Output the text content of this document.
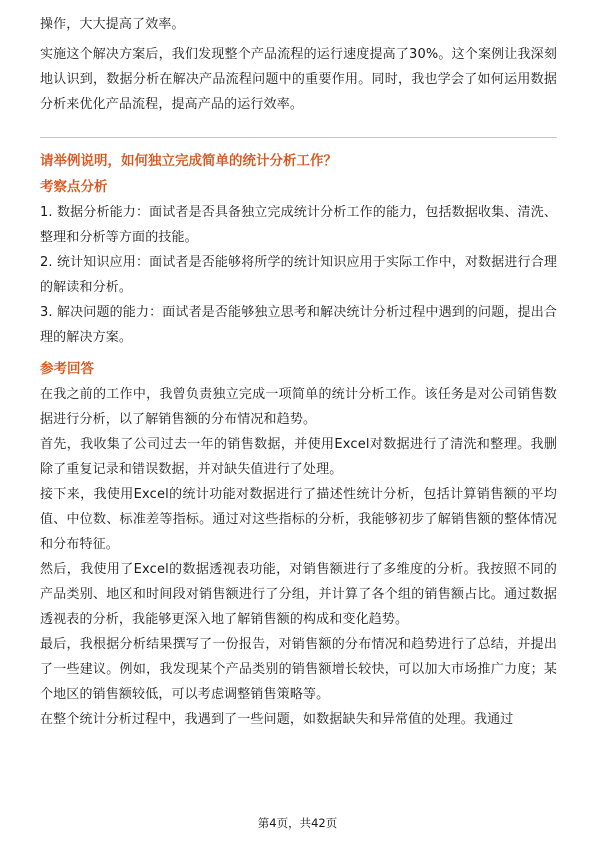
操作，大大提高了效率。

实施这个解决方案后，我们发现整个产品流程的运行速度提高了30%。这个案例让我深刻地认识到，数据分析在解决产品流程问题中的重要作用。同时，我也学会了如何运用数据分析来优化产品流程，提高产品的运行效率。

请举例说明，如何独立完成简单的统计分析工作？
考察点分析

1. 数据分析能力：面试者是否具备独立完成统计分析工作的能力，包括数据收集、清洗、整理和分析等方面的技能。

2. 统计知识应用：面试者是否能够将所学的统计知识应用于实际工作中，对数据进行合理的解读和分析。

3. 解决问题的能力：面试者是否能够独立思考和解决统计分析过程中遇到的问题，提出合理的解决方案。

参考回答

在我之前的工作中，我曾负责独立完成一项简单的统计分析工作。该任务是对公司销售数据进行分析，以了解销售额的分布情况和趋势。

首先，我收集了公司过去一年的销售数据，并使用Excel对数据进行了清洗和整理。我删除了重复记录和错误数据，并对缺失值进行了处理。

接下来，我使用Excel的统计功能对数据进行了描述性统计分析，包括计算销售额的平均值、中位数、标准差等指标。通过对这些指标的分析，我能够初步了解销售额的整体情况和分布特征。

然后，我使用了Excel的数据透视表功能，对销售额进行了多维度的分析。我按照不同的产品类别、地区和时间段对销售额进行了分组，并计算了各个组的销售额占比。通过数据透视表的分析，我能够更深入地了解销售额的构成和变化趋势。

最后，我根据分析结果撰写了一份报告，对销售额的分布情况和趋势进行了总结，并提出了一些建议。例如，我发现某个产品类别的销售额增长较快，可以加大市场推广力度；某个地区的销售额较低，可以考虑调整销售策略等。

在整个统计分析过程中，我遇到了一些问题，如数据缺失和异常值的处理。我通过

第4页，共42页
